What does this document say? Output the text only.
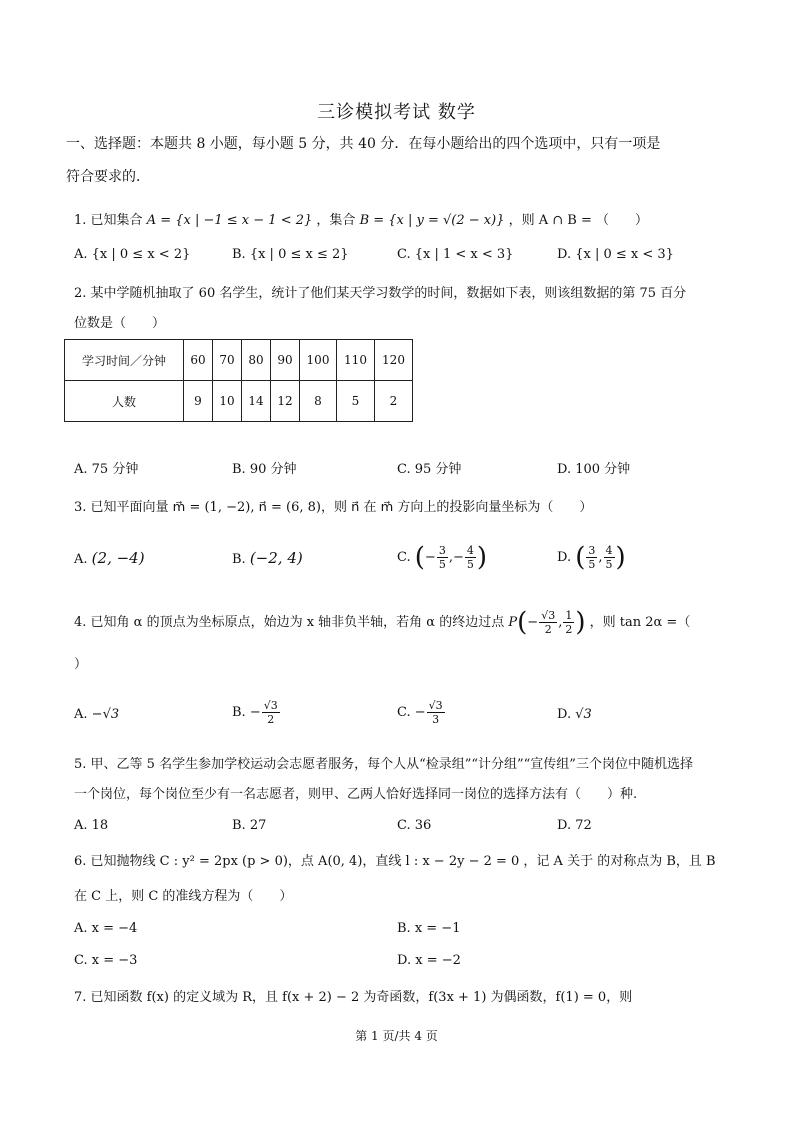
三诊模拟考试 数学
一、选择题：本题共 8 小题，每小题 5 分，共 40 分．在每小题给出的四个选项中，只有一项是
符合要求的．
1. 已知集合 A = {x | −1 ≤ x − 1 < 2} ，集合 B = {x | y = √(2 − x)} ，则 A ∩ B = （　　）
A. {x | 0 ≤ x < 2}	B. {x | 0 ≤ x ≤ 2}	C. {x | 1 < x < 3}	D. {x | 0 ≤ x < 3}
2. 某中学随机抽取了 60 名学生，统计了他们某天学习数学的时间，数据如下表，则该组数据的第 75 百分
位数是（　　）
学习时间／分钟	60	70	80	90	100	110	120
人数	9	10	14	12	8	5	2
A. 75 分钟	B. 90 分钟	C. 95 分钟	D. 100 分钟
3. 已知平面向量 m⃗ = (1, −2), n⃗ = (6, 8)，则 n⃗ 在 m⃗ 方向上的投影向量坐标为（　　）
A. (2, −4)	B. (−2, 4)	C. (− $\frac{3}{5}$ ,− $\frac{4}{5}$ )	D. ( $\frac{3}{5}$ , $\frac{4}{5}$ )
4. 已知角 α 的顶点为坐标原点，始边为 x 轴非负半轴，若角 α 的终边过点 $P(- \frac{√3}{2}$ , $\frac{1}{2}$ ) ，则 tan 2α =（
）
A. −√3	B. − $\frac{√3}{2}$	C. − $\frac{√3}{3}$	D. √3
5. 甲、乙等 5 名学生参加学校运动会志愿者服务，每个人从“检录组”“计分组”“宣传组”三个岗位中随机选择
一个岗位，每个岗位至少有一名志愿者，则甲、乙两人恰好选择同一岗位的选择方法有（　　）种.
A. 18	B. 27	C. 36	D. 72
6. 已知抛物线 C : y² = 2px (p > 0)，点 A(0, 4)，直线 l : x − 2y − 2 = 0 ，记 A 关于 的对称点为 B，且 B
在 C 上，则 C 的准线方程为（　　）
A. x = −4	B. x = −1
C. x = −3	D. x = −2
7. 已知函数 f(x) 的定义域为 R，且 f(x + 2) − 2 为奇函数，f(3x + 1) 为偶函数，f(1) = 0，则
第 1 页/共 4 页
